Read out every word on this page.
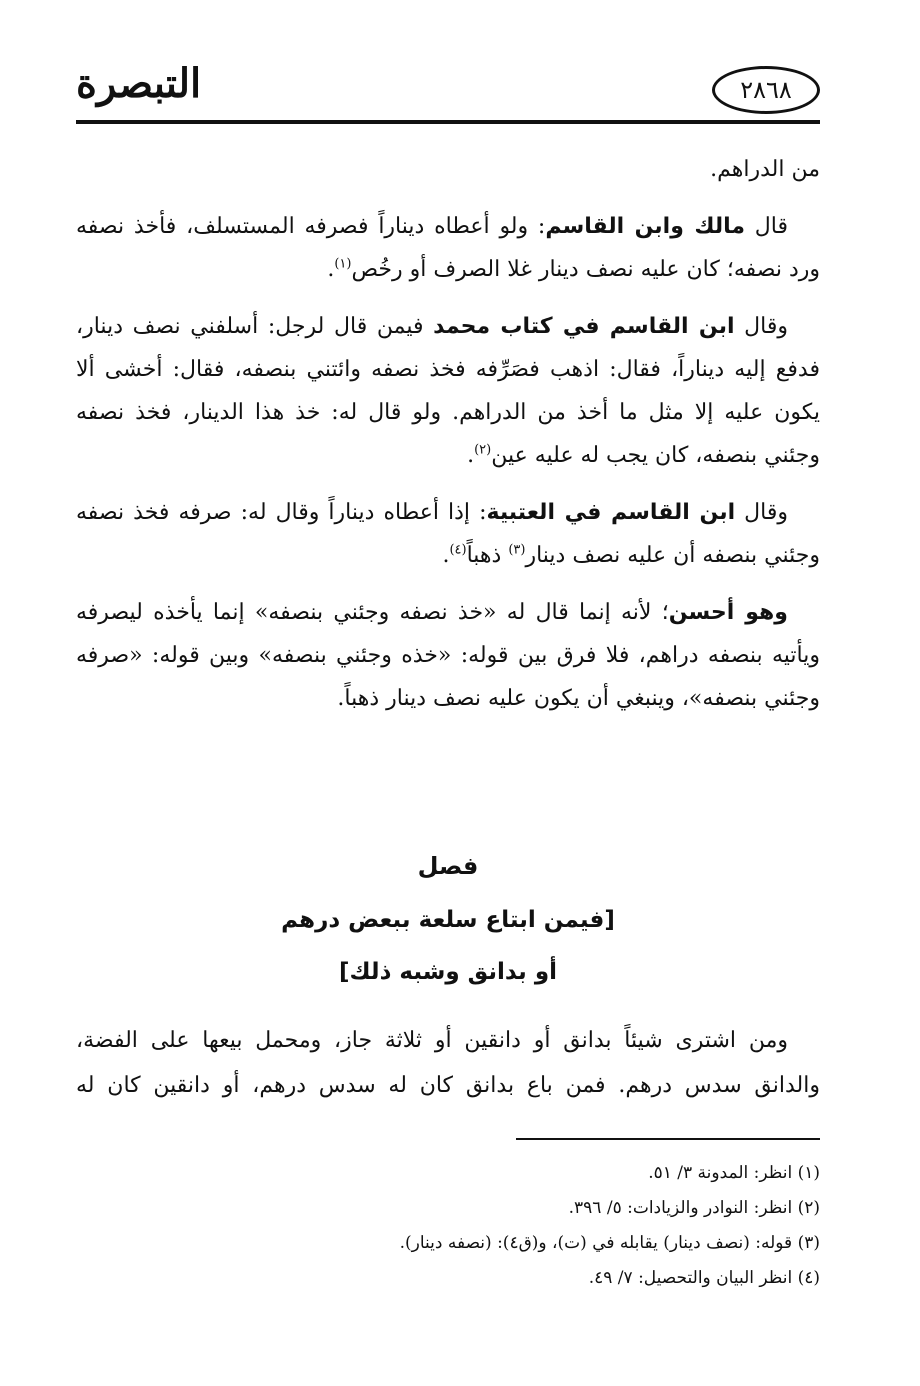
التبصرة	٢٨٦٨

من الدراهم.

قال مالك وابن القاسم: ولو أعطاه ديناراً فصرفه المستسلف، فأخذ نصفه ورد نصفه؛ كان عليه نصف دينار غلا الصرف أو رخُص$^{(١)}$.

وقال ابن القاسم في كتاب محمد فيمن قال لرجل: أسلفني نصف دينار، فدفع إليه ديناراً، فقال: اذهب فصَرِّفه فخذ نصفه وائتني بنصفه، فقال: أخشى ألا يكون عليه إلا مثل ما أخذ من الدراهم. ولو قال له: خذ هذا الدينار، فخذ نصفه وجئني بنصفه، كان يجب له عليه عين$^{(٢)}$.

وقال ابن القاسم في العتبية: إذا أعطاه ديناراً وقال له: صرفه فخذ نصفه وجئني بنصفه أن عليه نصف دينار$^{(٣)}$ ذهباً$^{(٤)}$.

وهو أحسن؛ لأنه إنما قال له «خذ نصفه وجئني بنصفه» إنما يأخذه ليصرفه ويأتيه بنصفه دراهم، فلا فرق بين قوله: «خذه وجئني بنصفه» وبين قوله: «صرفه وجئني بنصفه»، وينبغي أن يكون عليه نصف دينار ذهباً.

فصل
[فيمن ابتاع سلعة ببعض درهم
أو بدانق وشبه ذلك]

ومن اشترى شيئاً بدانق أو دانقين أو ثلاثة جاز، ومحمل بيعها على الفضة، والدانق سدس درهم. فمن باع بدانق كان له سدس درهم، أو دانقين كان له

(١) انظر: المدونة ٣/ ٥١.
(٢) انظر: النوادر والزيادات: ٥/ ٣٩٦.
(٣) قوله: (نصف دينار) يقابله في (ت)، و(ق٤): (نصفه دينار).
(٤) انظر البيان والتحصيل: ٧/ ٤٩.
